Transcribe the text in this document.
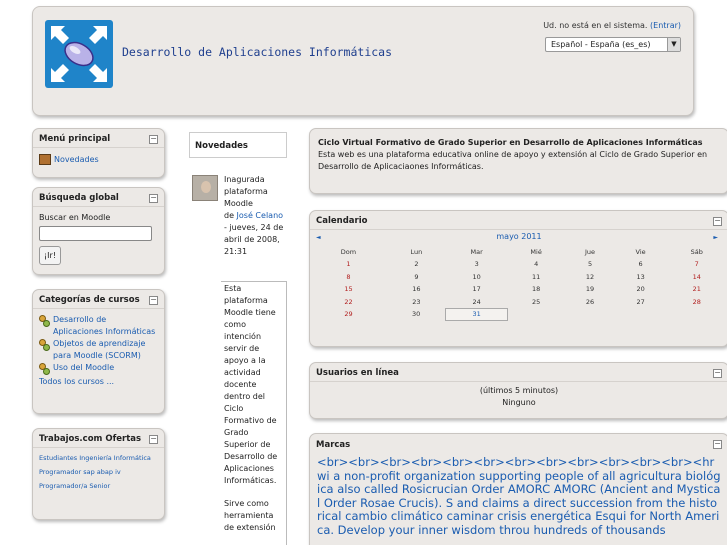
Desarrollo de Aplicaciones Informáticas
Ud. no está en el sistema. (Entrar)
Español - España (es_es)	▼
Menú principal	−
Novedades
Búsqueda global	−
Buscar en Moodle
¡Ir!
Categorías de cursos	−
Desarrollo de Aplicaciones Informáticas
Objetos de aprendizaje para Moodle (SCORM)
Uso del Moodle
Todos los cursos ...
Trabajos.com Ofertas	−
Estudiantes Ingeniería Informática
Programador sap abap iv
Programador/a Senior
Novedades
Inagurada plataforma Moodle
de José Celano - jueves, 24 de abril de 2008, 21:31

Esta plataforma Moodle tiene como intención servir de apoyo a la actividad docente dentro del Ciclo Formativo de Grado Superior de Desarrollo de Aplicaciones Informáticas.

Sirve como herramienta de extensión

Ciclo Virtual Formativo de Grado Superior en Desarrollo de Aplicaciones Informáticas
Esta web es una plataforma educativa online de apoyo y extensión al Ciclo de Grado Superior en Desarrollo de Aplicaciaones Informáticas.
Calendario	−
◄	mayo 2011	►
Dom	Lun	Mar	Mié	Jue	Vie	Sáb
1	2	3	4	5	6	7
8	9	10	11	12	13	14
15	16	17	18	19	20	21
22	23	24	25	26	27	28
29	30	31				
Usuarios en línea	−
(últimos 5 minutos)
Ninguno
Marcas	−
<br><br><br><br><br><br><br><br><br><br><br><br><hr wi a non-profit organization supporting people of all agricultura biológica also called Rosicrucian Order AMORC AMORC (Ancient and Mystical Order Rosae Crucis). S and claims a direct succession from the historical cambio climático caminar crisis energética Esqui for North America. Develop your inner wisdom throu hundreds of thousands
